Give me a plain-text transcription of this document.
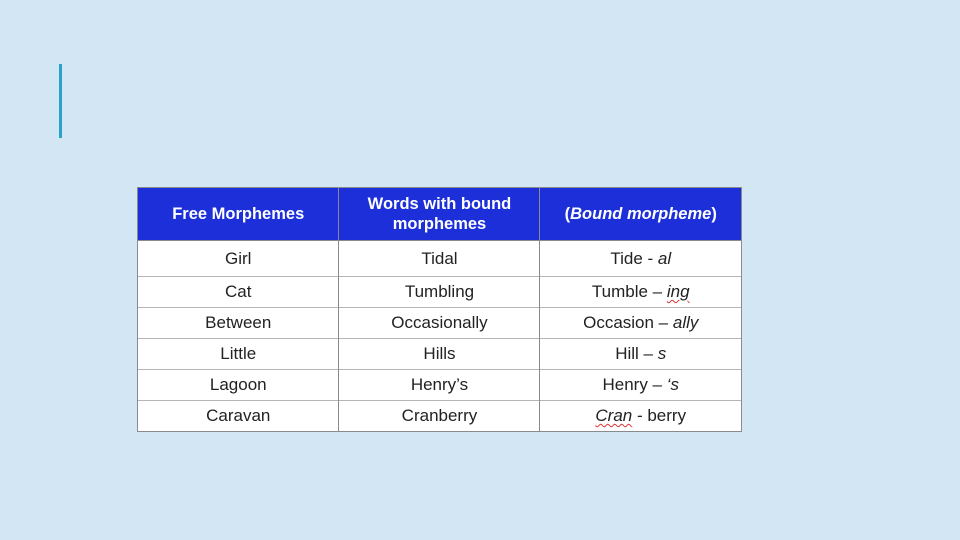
Free Morphemes	Words with bound morphemes	(Bound morpheme)
Girl	Tidal	Tide - al
Cat	Tumbling	Tumble – ing
Between	Occasionally	Occasion – ally
Little	Hills	Hill – s
Lagoon	Henry’s	Henry – ‘s
Caravan	Cranberry	Cran - berry
